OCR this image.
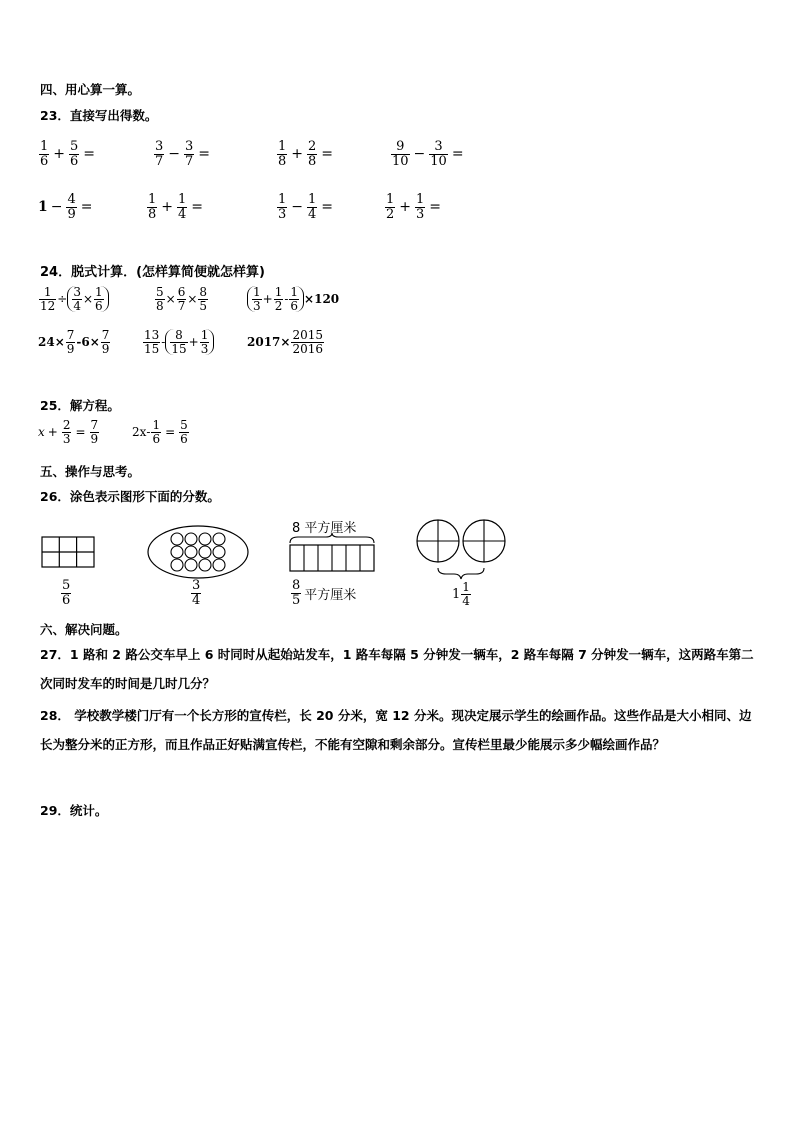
四、用心算一算。
23．直接写出得数。
$\frac{1}{6} + \frac{5}{6}$ =	$\frac{3}{7} - \frac{3}{7}$ =	$\frac{1}{8} + \frac{2}{8}$ =	$\frac{9}{10} - \frac{3}{10}$ =
$1 - \frac{4}{9}$ =	$\frac{1}{8} + \frac{1}{4}$ =	$\frac{1}{3} - \frac{1}{4}$ =	$\frac{1}{2} + \frac{1}{3}$ =
24．脱式计算．(怎样算简便就怎样算)
$\frac{1}{12} \div \frac{3}{4} \times \frac{1}{6}$	$\frac{5}{8} \times \frac{6}{7} \times \frac{8}{5}$	$\frac{1}{3} + \frac{1}{2} - \frac{1}{6} \times 120$
$24\times \frac{7}{9} -6\times \frac{7}{9}$	$\frac{13}{15} - \frac{8}{15} + \frac{1}{3}$	$2017\times \frac{2015}{2016}$
25．解方程。
$x + \frac{2}{3} = \frac{7}{9}$	$2x - \frac{1}{6} = \frac{5}{6}$
五、操作与思考。
26．涂色表示图形下面的分数。
$\frac{5}{6}$	$\frac{3}{4}$
8 平方厘米
$\frac{8}{5}$ 平方厘米	$1 \frac{1}{4}$
六、解决问题。
27．1 路和 2 路公交车早上 6 时同时从起始站发车，1 路车每隔 5 分钟发一辆车，2 路车每隔 7 分钟发一辆车，这两路车第二次同时发车的时间是几时几分？
28． 学校教学楼门厅有一个长方形的宣传栏，长 20 分米，宽 12 分米。现决定展示学生的绘画作品。这些作品是大小相同、边长为整分米的正方形，而且作品正好贴满宣传栏，不能有空隙和剩余部分。宣传栏里最少能展示多少幅绘画作品？
29．统计。
